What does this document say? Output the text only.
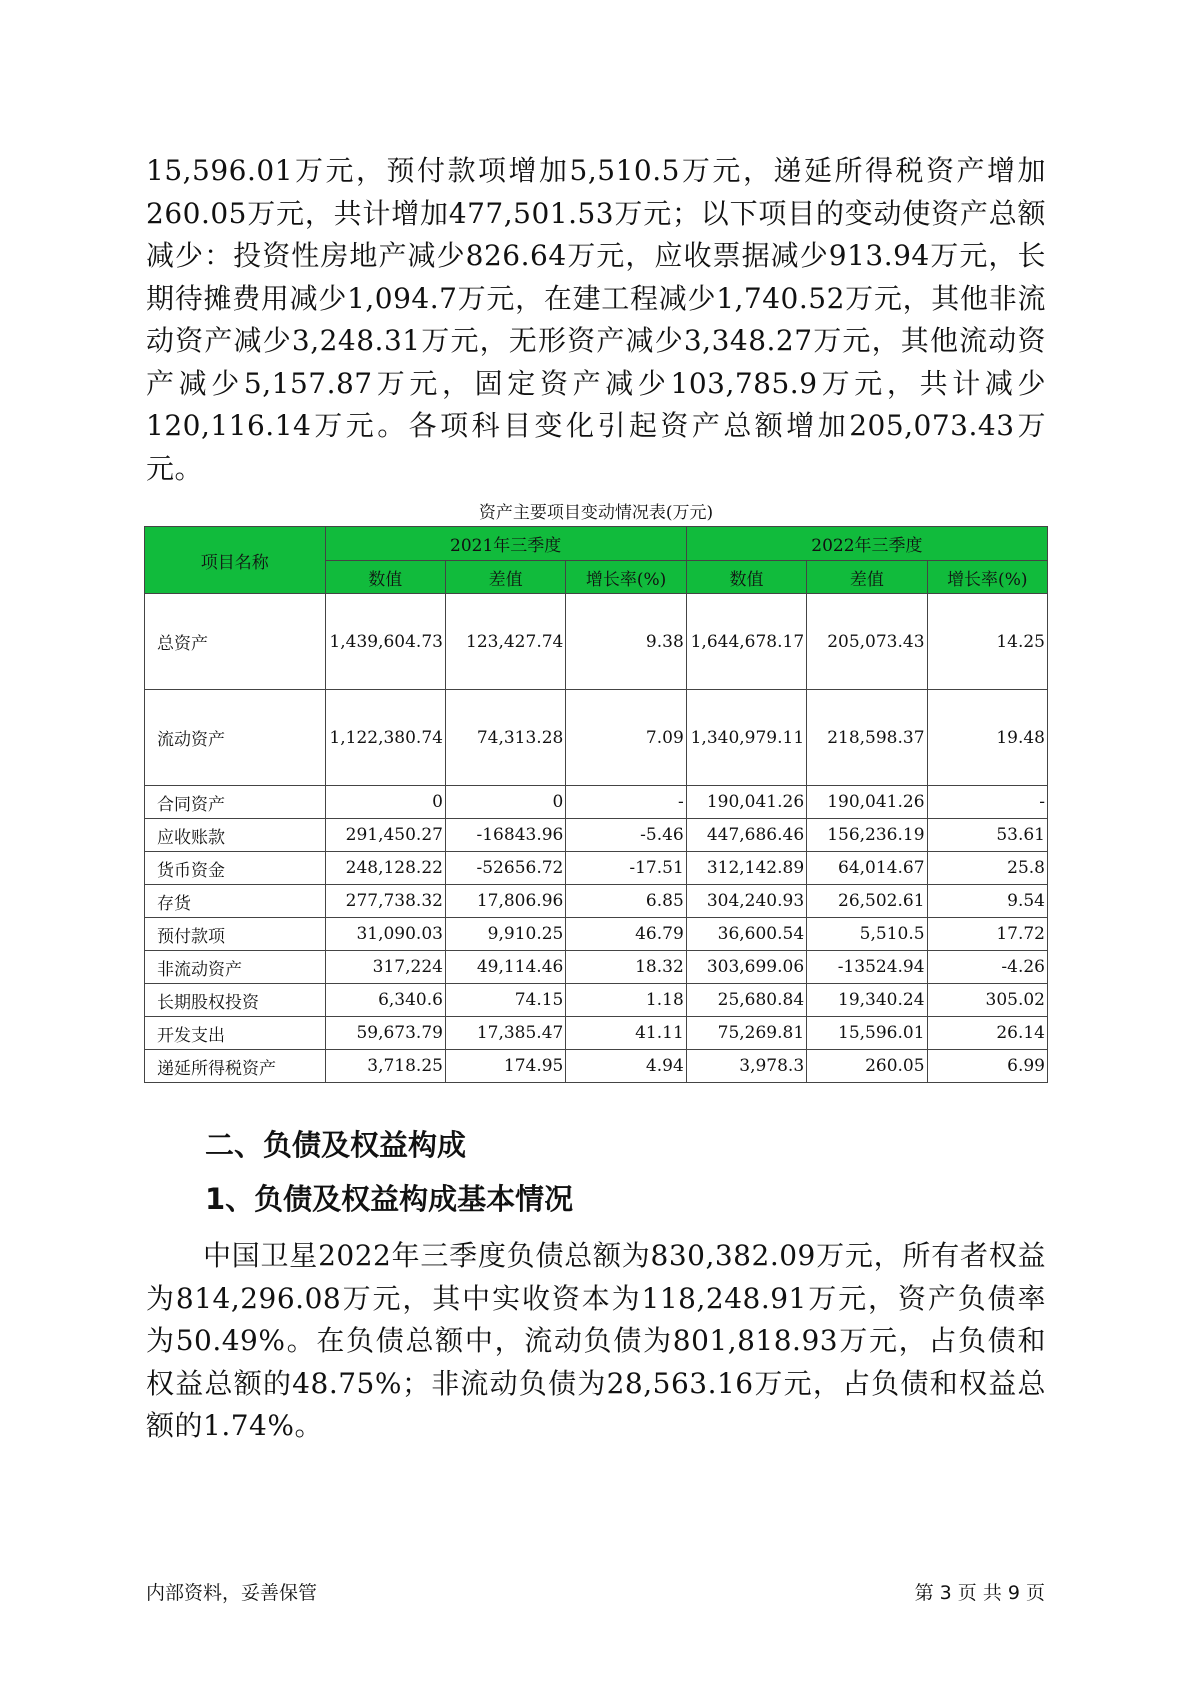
15,596.01万元，预付款项增加5,510.5万元，递延所得税资产增加260.05万元，共计增加477,501.53万元；以下项目的变动使资产总额减少：投资性房地产减少826.64万元，应收票据减少913.94万元，长期待摊费用减少1,094.7万元，在建工程减少1,740.52万元，其他非流动资产减少3,248.31万元，无形资产减少3,348.27万元，其他流动资产减少5,157.87万元，固定资产减少103,785.9万元，共计减少120,116.14万元。各项科目变化引起资产总额增加205,073.43万元。
资产主要项目变动情况表(万元)
项目名称	2021年三季度			2022年三季度		
	数值	差值	增长率(%)	数值	差值	增长率(%)
总资产	1,439,604.73	123,427.74	9.38	1,644,678.17	205,073.43	14.25
流动资产	1,122,380.74	74,313.28	7.09	1,340,979.11	218,598.37	19.48
合同资产	0	0	-	190,041.26	190,041.26	-
应收账款	291,450.27	-16843.96	-5.46	447,686.46	156,236.19	53.61
货币资金	248,128.22	-52656.72	-17.51	312,142.89	64,014.67	25.8
存货	277,738.32	17,806.96	6.85	304,240.93	26,502.61	9.54
预付款项	31,090.03	9,910.25	46.79	36,600.54	5,510.5	17.72
非流动资产	317,224	49,114.46	18.32	303,699.06	-13524.94	-4.26
长期股权投资	6,340.6	74.15	1.18	25,680.84	19,340.24	305.02
开发支出	59,673.79	17,385.47	41.11	75,269.81	15,596.01	26.14
递延所得税资产	3,718.25	174.95	4.94	3,978.3	260.05	6.99
二、负债及权益构成
1、负债及权益构成基本情况
中国卫星2022年三季度负债总额为830,382.09万元，所有者权益为814,296.08万元，其中实收资本为118,248.91万元，资产负债率为50.49%。在负债总额中，流动负债为801,818.93万元，占负债和权益总额的48.75%；非流动负债为28,563.16万元，占负债和权益总额的1.74%。
内部资料，妥善保管	第 3 页 共 9 页
